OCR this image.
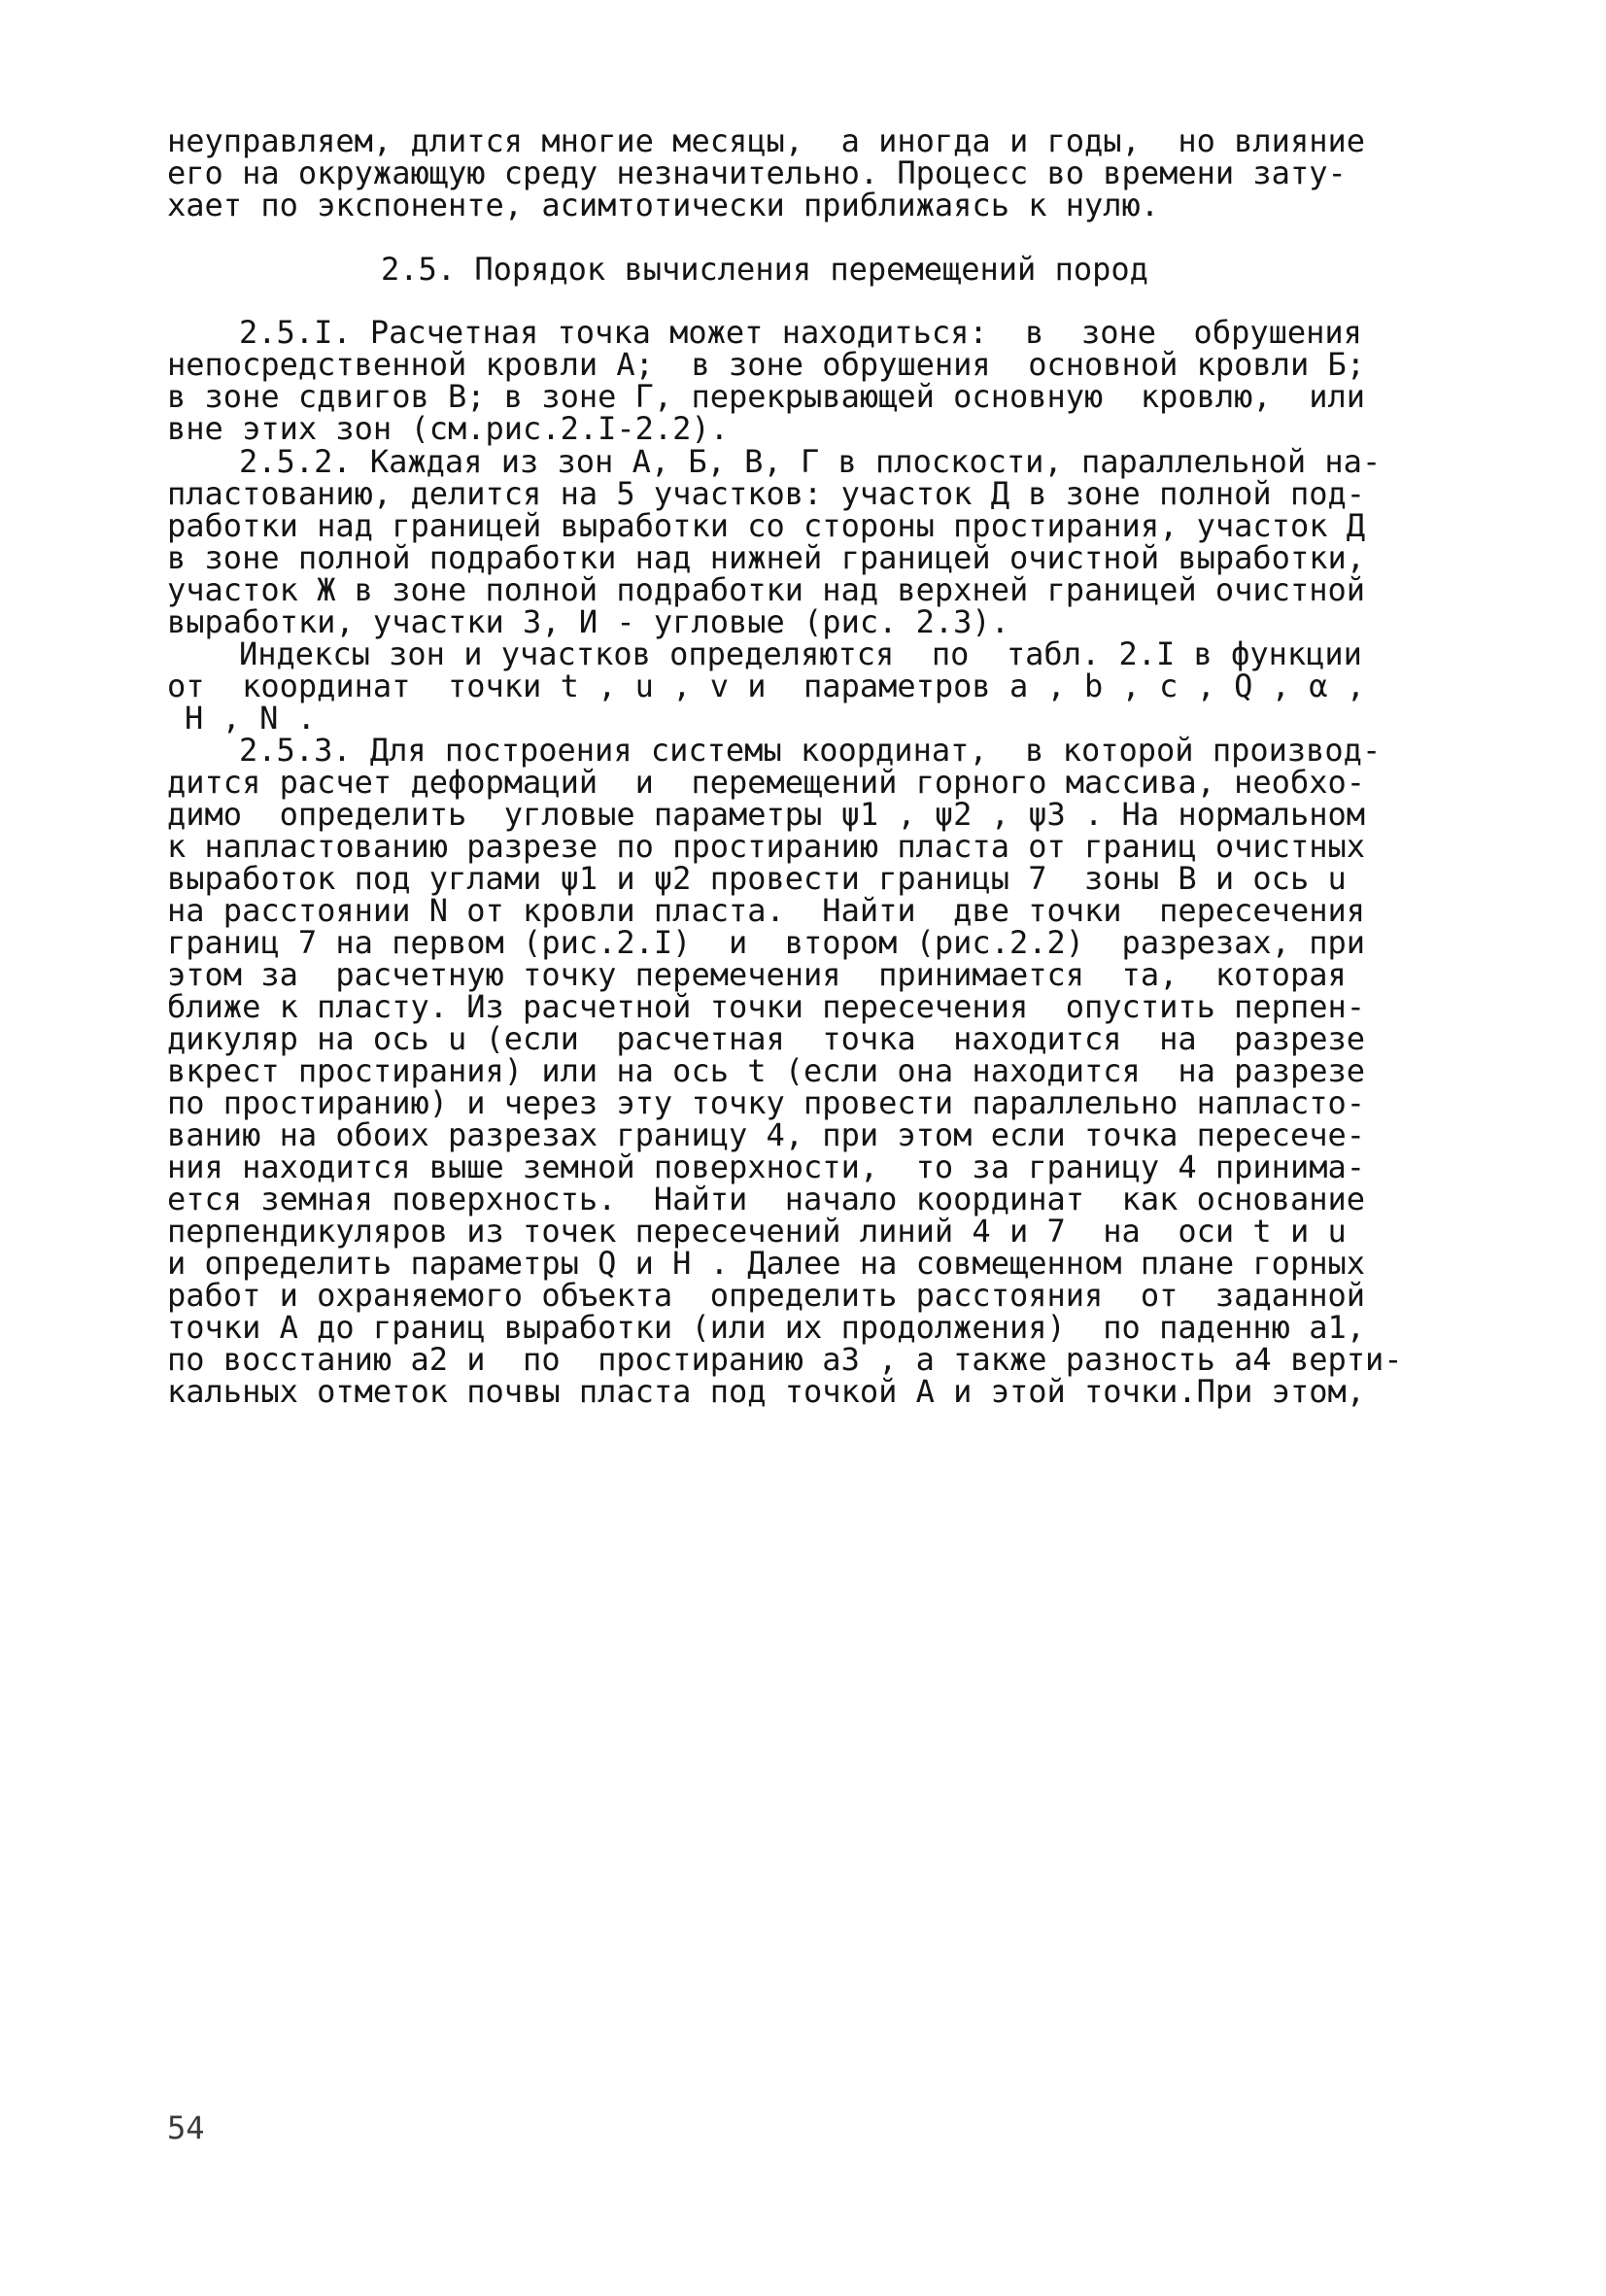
неуправляем, длится многие месяцы,  а иногда и годы,  но влияние
его на окружающую среду незначительно. Процесс во времени зату-
хает по экспоненте, асимтотически приближаясь к нулю.
2.5. Порядок вычисления перемещений пород
2.5.I. Расчетная точка может находиться:  в  зоне  обрушения
непосредственной кровли А;  в зоне обрушения  основной кровли Б;
в зоне сдвигов В; в зоне Г, перекрывающей основную  кровлю,  или
вне этих зон (см.рис.2.I-2.2).
2.5.2. Каждая из зон А, Б, В, Г в плоскости, параллельной на-
пластованию, делится на 5 участков: участок Д в зоне полной под-
работки над границей выработки со стороны простирания, участок Д
в зоне полной подработки над нижней границей очистной выработки,
участок Ж в зоне полной подработки над верхней границей очистной
выработки, участки З, И - угловые (рис. 2.3).
Индексы зон и участков определяются  по  табл. 2.I в функции
от  координат  точки t , u , v и  параметров a , b , c , Q , α ,
H , N .
2.5.3. Для построения системы координат,  в которой производ-
дится расчет деформаций  и  перемещений горного массива, необхо-
димо  определить  угловые параметры ψ1 , ψ2 , ψ3 . На нормальном
к напластованию разрезе по простиранию пласта от границ очистных
выработок под углами ψ1 и ψ2 провести границы 7  зоны В и ось u
на расстоянии N от кровли пласта.  Найти  две точки  пересечения
границ 7 на первом (рис.2.I)  и  втором (рис.2.2)  разрезах, при
этом за  расчетную точку перемечения  принимается  та,  которая
ближе к пласту. Из расчетной точки пересечения  опустить перпен-
дикуляр на ось u (если  расчетная  точка  находится  на  разрезе
вкрест простирания) или на ось t (если она находится  на разрезе
по простиранию) и через эту точку провести параллельно напласто-
ванию на обоих разрезах границу 4, при этом если точка пересече-
ния находится выше земной поверхности,  то за границу 4 принима-
ется земная поверхность.  Найти  начало координат  как основание
перпендикуляров из точек пересечений линий 4 и 7  на  оси t и u
и определить параметры Q и H . Далее на совмещенном плане горных
работ и охраняемого объекта  определить расстояния  от  заданной
точки А до границ выработки (или их продолжения)  по паденню a1,
по восстанию a2 и  по  простиранию a3 , а также разность a4 верти-
кальных отметок почвы пласта под точкой А и этой точки.При этом,
54
